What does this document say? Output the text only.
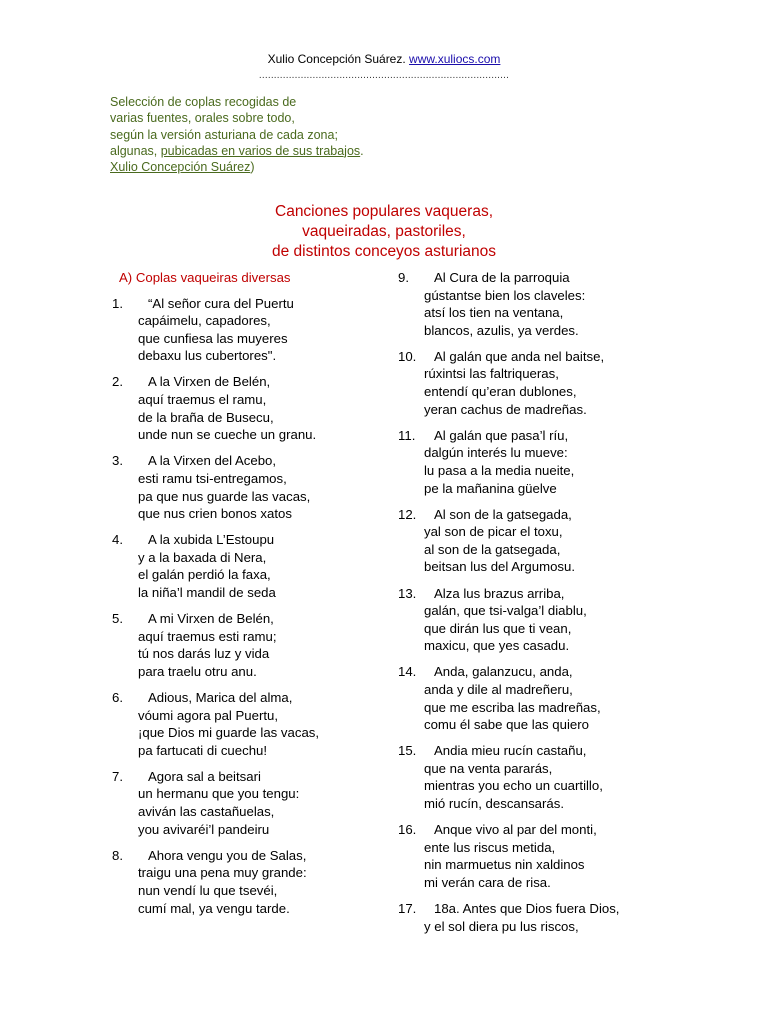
Xulio Concepción Suárez. www.xuliocs.com
....................................................................................
Selección de coplas recogidas de
varias fuentes, orales sobre todo,
según la versión asturiana de cada zona;
algunas, pubicadas en varios de sus trabajos.
Xulio Concepción Suárez)
Canciones populares vaqueras,
vaqueiradas, pastoriles,
de distintos conceyos asturianos
A) Coplas vaqueiras diversas
1.	“Al señor cura del Puertu
capáimelu, capadores,
que cunfiesa las muyeres
debaxu lus cubertores".
2.	A la Virxen de Belén,
aquí traemus el ramu,
de la braña de Busecu,
unde nun se cueche un granu.
3.	A la Virxen del Acebo,
esti ramu tsi-entregamos,
pa que nus guarde las vacas,
que nus crien bonos xatos
4.	A la xubida L’Estoupu
y a la baxada di Nera,
el galán perdió la faxa,
la niña’l mandil de seda
5.	A mi Virxen de Belén,
aquí traemus esti ramu;
tú nos darás luz y vida
para traelu otru anu.
6.	Adious, Marica del alma,
vóumi agora pal Puertu,
¡que Dios mi guarde las vacas,
pa fartucati di cuechu!
7.	Agora sal a beitsari
un hermanu que you tengu:
aviván las castañuelas,
you avivaréi’l pandeiru
8.	Ahora vengu you de Salas,
traigu una pena muy grande:
nun vendí lu que tsevéi,
cumí mal, ya vengu tarde.
9.	Al Cura de la parroquia
gústantse bien los claveles:
atsí los tien na ventana,
blancos, azulis, ya verdes.
10.	Al galán que anda nel baitse,
rúxintsi las faltriqueras,
entendí qu’eran dublones,
yeran cachus de madreñas.
11.	Al galán que pasa’l ríu,
dalgún interés lu mueve:
lu pasa a la media nueite,
pe la mañanina güelve
12.	Al son de la gatsegada,
yal son de picar el toxu,
al son de la gatsegada,
beitsan lus del Argumosu.
13.	Alza lus brazus arriba,
galán, que tsi-valga’l diablu,
que dirán lus que ti vean,
maxicu, que yes casadu.
14.	Anda, galanzucu, anda,
anda y dile al madreñeru,
que me escriba las madreñas,
comu él sabe que las quiero
15.	Andia mieu rucín castañu,
que na venta pararás,
mientras you echo un cuartillo,
mió rucín, descansarás.
16.	Anque vivo al par del monti,
ente lus riscus metida,
nin marmuetus nin xaldinos
mi verán cara de risa.
17.	18a. Antes que Dios fuera Dios,
y el sol diera pu lus riscos,
